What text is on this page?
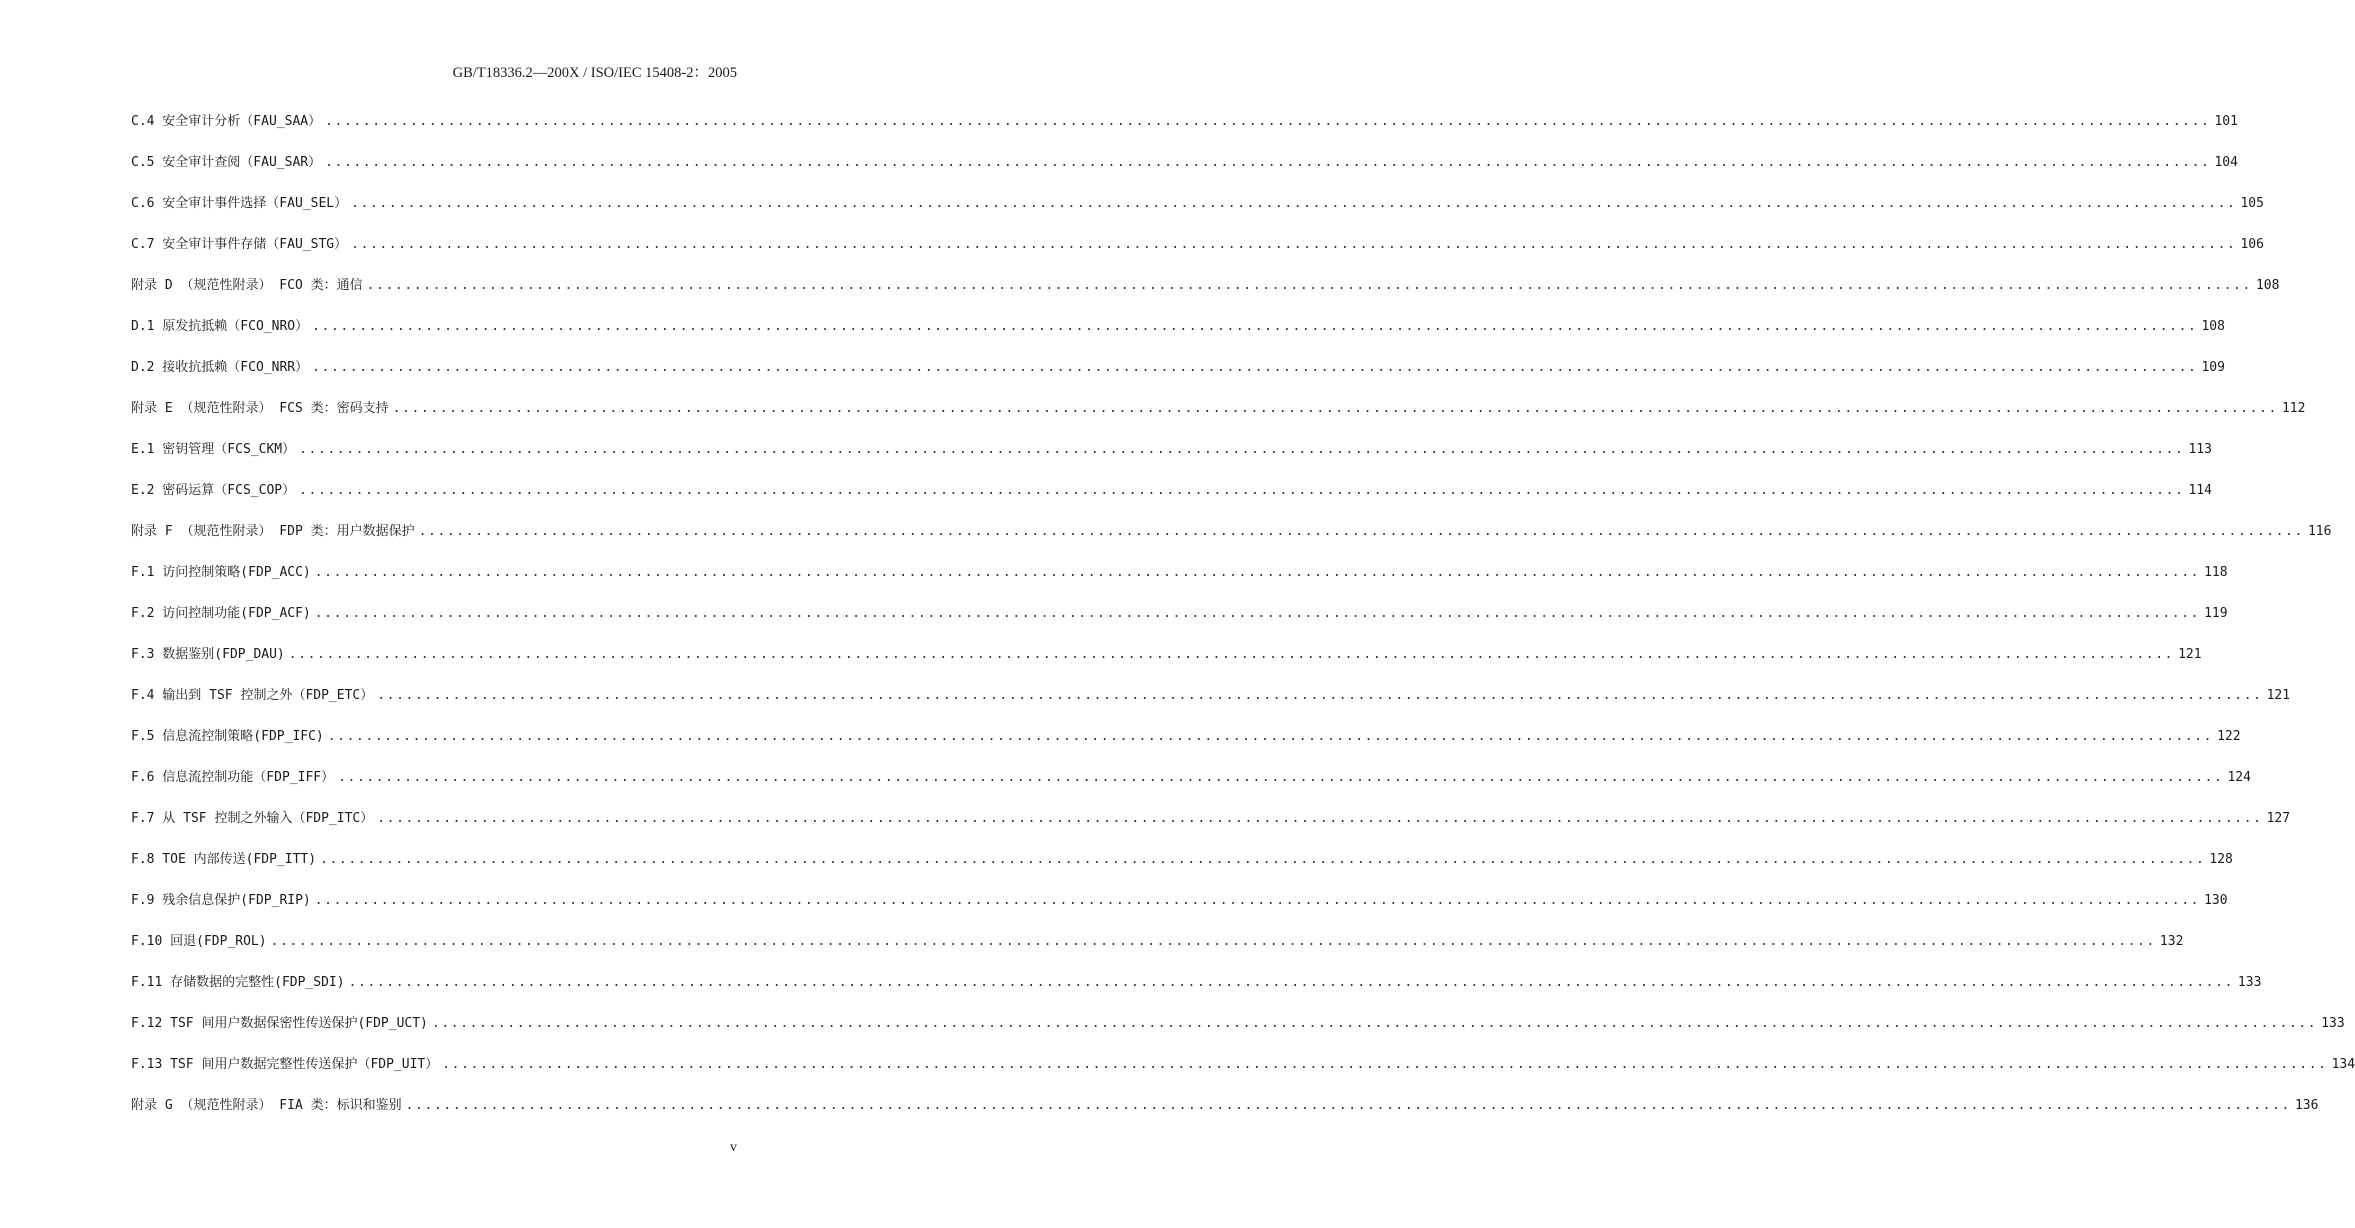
GB/T18336.2—200X / ISO/IEC 15408-2：2005
C.4 安全审计分析（FAU_SAA） ........................................................................................................................................................................................................ 101
C.5 安全审计查阅（FAU_SAR） ........................................................................................................................................................................................................ 104
C.6 安全审计事件选择（FAU_SEL） ........................................................................................................................................................................................................ 105
C.7 安全审计事件存储（FAU_STG） ........................................................................................................................................................................................................ 106
附录 D （规范性附录） FCO 类：通信 ........................................................................................................................................................................................................ 108
D.1 原发抗抵赖（FCO_NRO） ........................................................................................................................................................................................................ 108
D.2 接收抗抵赖（FCO_NRR） ........................................................................................................................................................................................................ 109
附录 E （规范性附录） FCS 类：密码支持 ........................................................................................................................................................................................................ 112
E.1 密钥管理（FCS_CKM） ........................................................................................................................................................................................................ 113
E.2 密码运算（FCS_COP） ........................................................................................................................................................................................................ 114
附录 F （规范性附录） FDP 类：用户数据保护 ........................................................................................................................................................................................................ 116
F.1 访问控制策略(FDP_ACC) ........................................................................................................................................................................................................ 118
F.2 访问控制功能(FDP_ACF) ........................................................................................................................................................................................................ 119
F.3 数据鉴别(FDP_DAU) ........................................................................................................................................................................................................ 121
F.4 输出到 TSF 控制之外（FDP_ETC） ........................................................................................................................................................................................................ 121
F.5 信息流控制策略(FDP_IFC) ........................................................................................................................................................................................................ 122
F.6 信息流控制功能（FDP_IFF） ........................................................................................................................................................................................................ 124
F.7 从 TSF 控制之外输入（FDP_ITC） ........................................................................................................................................................................................................ 127
F.8 TOE 内部传送(FDP_ITT) ........................................................................................................................................................................................................ 128
F.9 残余信息保护(FDP_RIP) ........................................................................................................................................................................................................ 130
F.10 回退(FDP_ROL) ........................................................................................................................................................................................................ 132
F.11 存储数据的完整性(FDP_SDI) ........................................................................................................................................................................................................ 133
F.12 TSF 间用户数据保密性传送保护(FDP_UCT) ........................................................................................................................................................................................................ 133
F.13 TSF 间用户数据完整性传送保护（FDP_UIT） ........................................................................................................................................................................................................ 134
附录 G （规范性附录） FIA 类：标识和鉴别 ........................................................................................................................................................................................................ 136
v
